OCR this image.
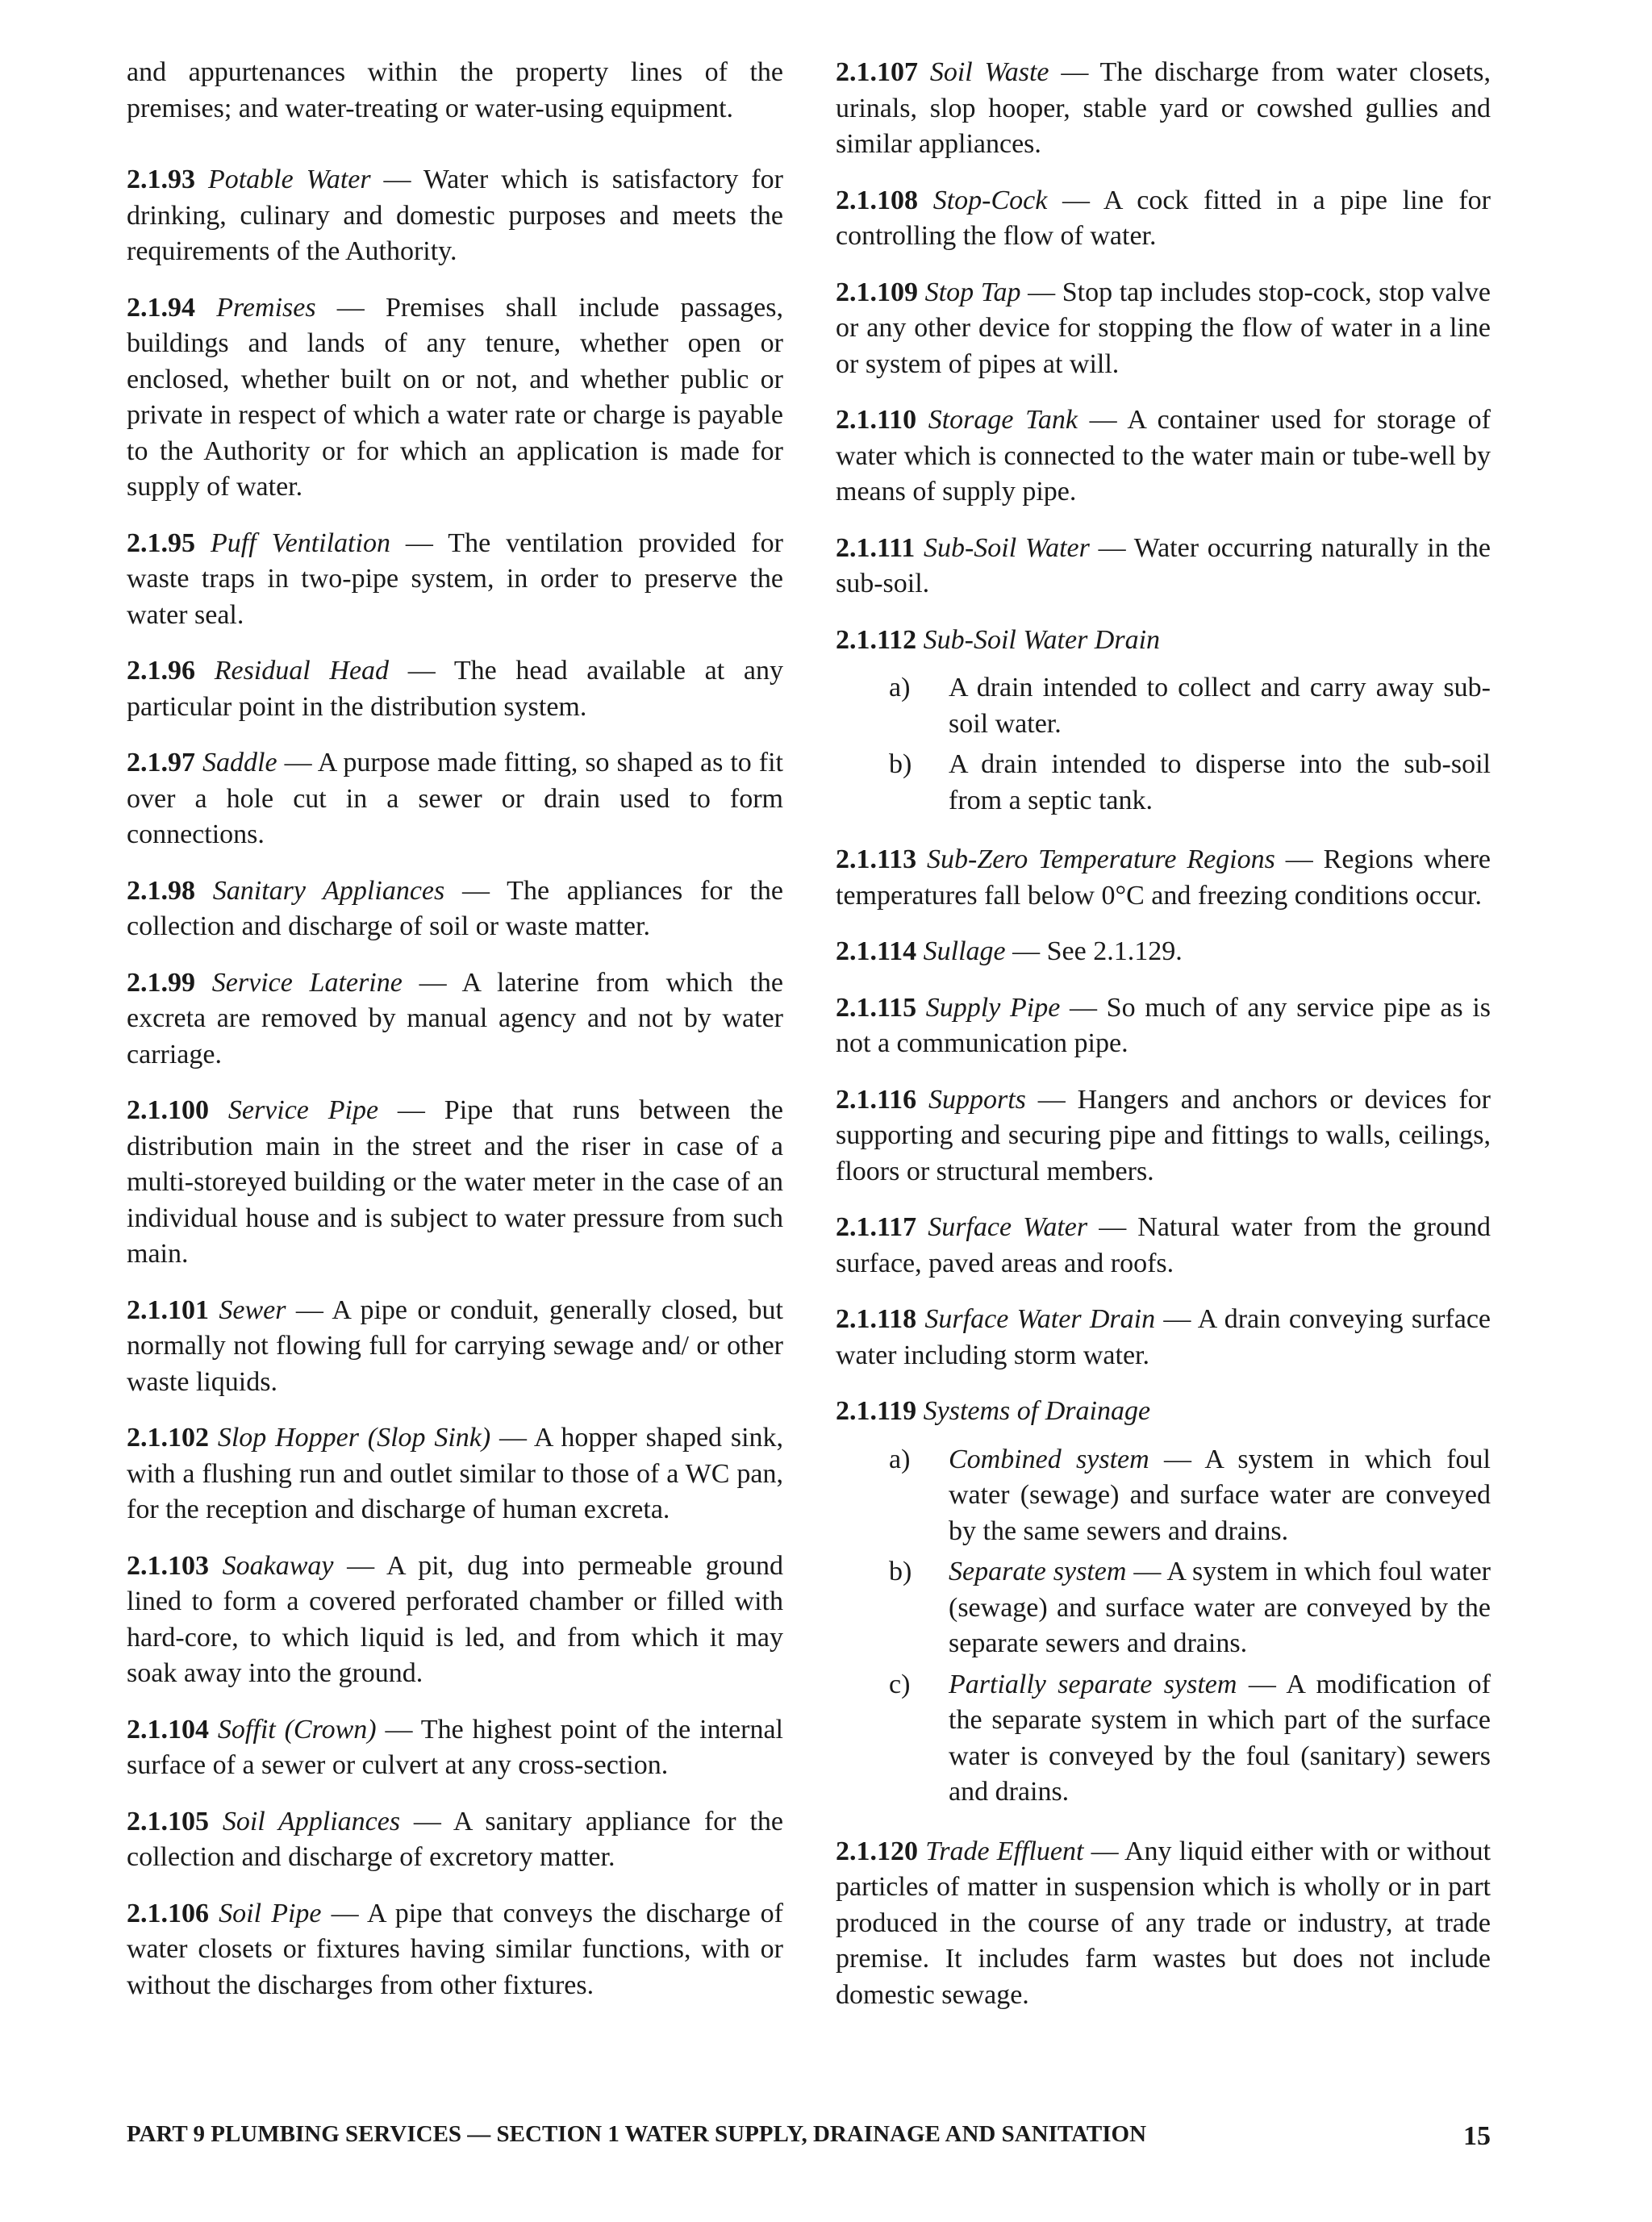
and appurtenances within the property lines of the premises; and water-treating or water-using equipment.

2.1.93 Potable Water — Water which is satisfactory for drinking, culinary and domestic purposes and meets the requirements of the Authority.

2.1.94 Premises — Premises shall include passages, buildings and lands of any tenure, whether open or enclosed, whether built on or not, and whether public or private in respect of which a water rate or charge is payable to the Authority or for which an application is made for supply of water.

2.1.95 Puff Ventilation — The ventilation provided for waste traps in two-pipe system, in order to preserve the water seal.

2.1.96 Residual Head — The head available at any particular point in the distribution system.

2.1.97 Saddle — A purpose made fitting, so shaped as to fit over a hole cut in a sewer or drain used to form connections.

2.1.98 Sanitary Appliances — The appliances for the collection and discharge of soil or waste matter.

2.1.99 Service Laterine — A laterine from which the excreta are removed by manual agency and not by water carriage.

2.1.100 Service Pipe — Pipe that runs between the distribution main in the street and the riser in case of a multi-storeyed building or the water meter in the case of an individual house and is subject to water pressure from such main.

2.1.101 Sewer — A pipe or conduit, generally closed, but normally not flowing full for carrying sewage and/ or other waste liquids.

2.1.102 Slop Hopper (Slop Sink) — A hopper shaped sink, with a flushing run and outlet similar to those of a WC pan, for the reception and discharge of human excreta.

2.1.103 Soakaway — A pit, dug into permeable ground lined to form a covered perforated chamber or filled with hard-core, to which liquid is led, and from which it may soak away into the ground.

2.1.104 Soffit (Crown) — The highest point of the internal surface of a sewer or culvert at any cross-section.

2.1.105 Soil Appliances — A sanitary appliance for the collection and discharge of excretory matter.

2.1.106 Soil Pipe — A pipe that conveys the discharge of water closets or fixtures having similar functions, with or without the discharges from other fixtures.

2.1.107 Soil Waste — The discharge from water closets, urinals, slop hooper, stable yard or cowshed gullies and similar appliances.

2.1.108 Stop-Cock — A cock fitted in a pipe line for controlling the flow of water.

2.1.109 Stop Tap — Stop tap includes stop-cock, stop valve or any other device for stopping the flow of water in a line or system of pipes at will.

2.1.110 Storage Tank — A container used for storage of water which is connected to the water main or tube-well by means of supply pipe.

2.1.111 Sub-Soil Water — Water occurring naturally in the sub-soil.

2.1.112 Sub-Soil Water Drain

a)	A drain intended to collect and carry away sub-soil water.
b)	A drain intended to disperse into the sub-soil from a septic tank.

2.1.113 Sub-Zero Temperature Regions — Regions where temperatures fall below 0°C and freezing conditions occur.

2.1.114 Sullage — See 2.1.129.

2.1.115 Supply Pipe — So much of any service pipe as is not a communication pipe.

2.1.116 Supports — Hangers and anchors or devices for supporting and securing pipe and fittings to walls, ceilings, floors or structural members.

2.1.117 Surface Water — Natural water from the ground surface, paved areas and roofs.

2.1.118 Surface Water Drain — A drain conveying surface water including storm water.

2.1.119 Systems of Drainage

a)	Combined system — A system in which foul water (sewage) and surface water are conveyed by the same sewers and drains.
b)	Separate system — A system in which foul water (sewage) and surface water are conveyed by the separate sewers and drains.
c)	Partially separate system — A modification of the separate system in which part of the surface water is conveyed by the foul (sanitary) sewers and drains.

2.1.120 Trade Effluent — Any liquid either with or without particles of matter in suspension which is wholly or in part produced in the course of any trade or industry, at trade premise. It includes farm wastes but does not include domestic sewage.

PART 9 PLUMBING SERVICES — SECTION 1 WATER SUPPLY, DRAINAGE AND SANITATION	15
